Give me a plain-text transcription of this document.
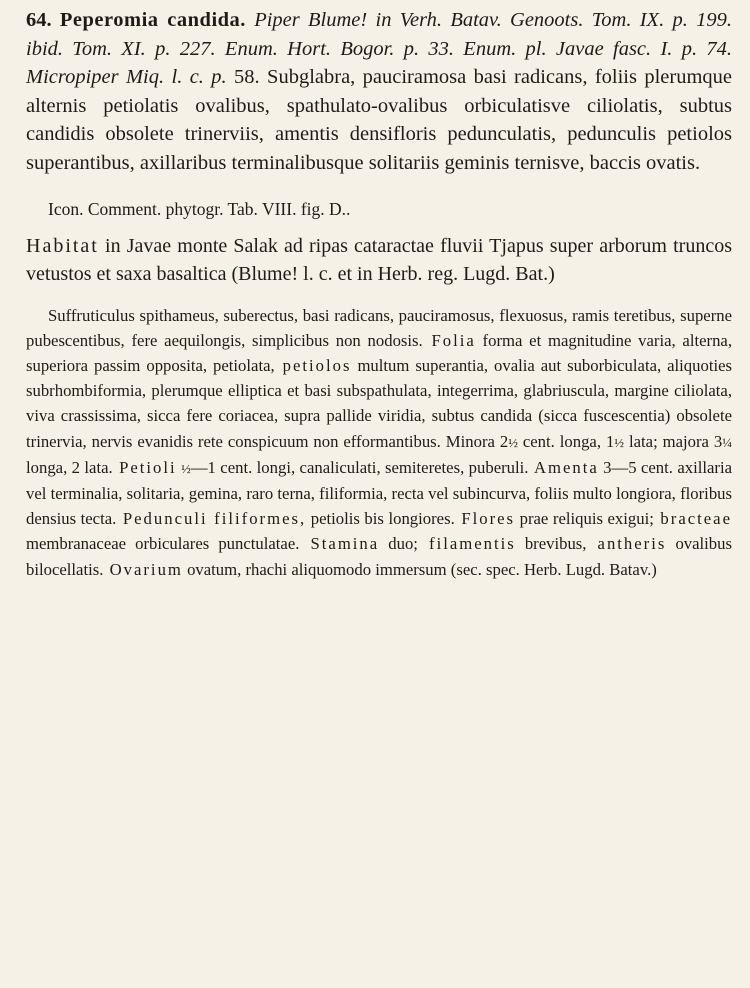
64. Peperomia candida. Piper Blume! in Verh. Batav. Genoots. Tom. IX. p. 199. ibid. Tom. XI. p. 227. Enum. Hort. Bogor. p. 33. Enum. pl. Javae fasc. I. p. 74. Micropiper Miq. l. c. p. 58. Subglabra, pauciramosa basi radicans, foliis plerumque alternis petiolatis ovalibus, spathulato-ovalibus orbiculatisve ciliolatis, subtus candidis obsolete trinerviis, amentis densifloris pedunculatis, pedunculis petiolos superantibus, axillaribus terminalibusque solitariis geminis ternisve, baccis ovatis.

Icon. Comment. phytogr. Tab. VIII. fig. D..

Habitat in Javae monte Salak ad ripas cataractae fluvii Tjapus super arborum truncos vetustos et saxa basaltica (Blume! l. c. et in Herb. reg. Lugd. Bat.)

Suffruticulus spithameus, suberectus, basi radicans, pauciramosus, flexuosus, ramis teretibus, superne pubescentibus, fere aequilongis, simplicibus non nodosis. Folia forma et magnitudine varia, alterna, superiora passim opposita, petiolata, petiolos multum superantia, ovalia aut suborbiculata, aliquoties subrhombiformia, plerumque elliptica et basi subspathulata, integerrima, glabriuscula, margine ciliolata, viva crassissima, sicca fere coriacea, supra pallide viridia, subtus candida (sicca fuscescentia) obsolete trinervia, nervis evanidis rete conspicuum non efformantibus. Minora 2½ cent. longa, 1½ lata; majora 3¼ longa, 2 lata. Petioli ½—1 cent. longi, canaliculati, semiteretes, puberuli. Amenta 3—5 cent. axillaria vel terminalia, solitaria, gemina, raro terna, filiformia, recta vel subincurva, foliis multo longiora, floribus densius tecta. Pedunculi filiformes, petiolis bis longiores. Flores prae reliquis exigui; bracteae membranaceae orbiculares punctulatae. Stamina duo; filamentis brevibus, antheris ovalibus bilocellatis. Ovarium ovatum, rhachi aliquomodo immersum (sec. spec. Herb. Lugd. Batav.)
